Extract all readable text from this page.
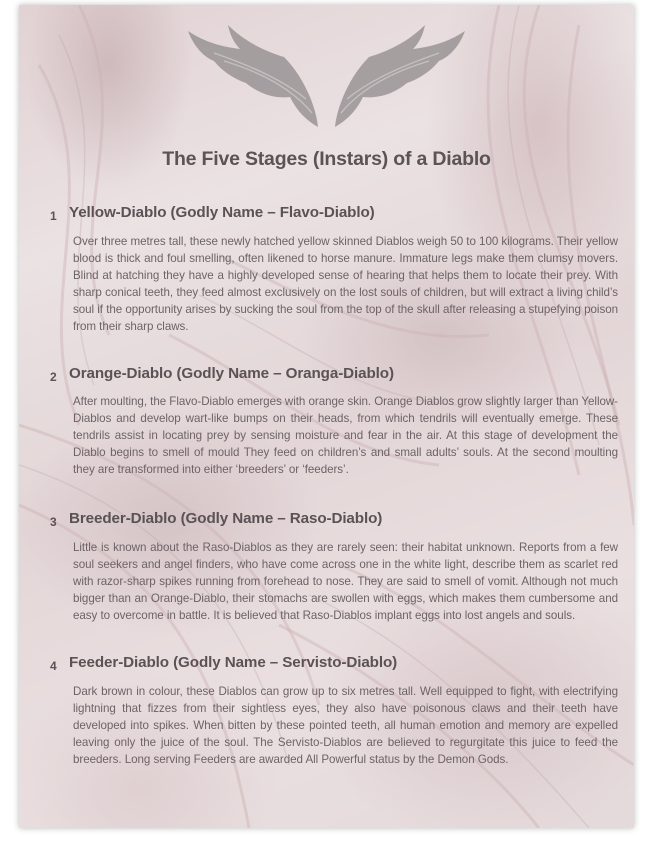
The Five Stages (Instars) of a Diablo
1 Yellow-Diablo (Godly Name – Flavo-Diablo)

Over three metres tall, these newly hatched yellow skinned Diablos weigh 50 to 100 kilograms. Their yellow blood is thick and foul smelling, often likened to horse manure. Immature legs make them clumsy movers. Blind at hatching they have a highly developed sense of hearing that helps them to locate their prey. With sharp conical teeth, they feed almost exclusively on the lost souls of children, but will extract a living child’s soul if the opportunity arises by sucking the soul from the top of the skull after releasing a stupefying poison from their sharp claws.

2 Orange-Diablo (Godly Name – Oranga-Diablo)

After moulting, the Flavo-Diablo emerges with orange skin. Orange Diablos grow slightly larger than Yellow-Diablos and develop wart-like bumps on their heads, from which tendrils will eventually emerge. These tendrils assist in locating prey by sensing moisture and fear in the air. At this stage of development the Diablo begins to smell of mould They feed on children’s and small adults’ souls. At the second moulting they are transformed into either ‘breeders’ or ‘feeders’.

3 Breeder-Diablo (Godly Name – Raso-Diablo)

Little is known about the Raso-Diablos as they are rarely seen: their habitat unknown. Reports from a few soul seekers and angel finders, who have come across one in the white light, describe them as scarlet red with razor-sharp spikes running from forehead to nose. They are said to smell of vomit. Although not much bigger than an Orange-Diablo, their stomachs are swollen with eggs, which makes them cumbersome and easy to overcome in battle. It is believed that Raso-Diablos implant eggs into lost angels and souls.

4 Feeder-Diablo (Godly Name – Servisto-Diablo)

Dark brown in colour, these Diablos can grow up to six metres tall. Well equipped to fight, with electrifying lightning that fizzes from their sightless eyes, they also have poisonous claws and their teeth have developed into spikes. When bitten by these pointed teeth, all human emotion and memory are expelled leaving only the juice of the soul. The Servisto-Diablos are believed to regurgitate this juice to feed the breeders. Long serving Feeders are awarded All Powerful status by the Demon Gods.
